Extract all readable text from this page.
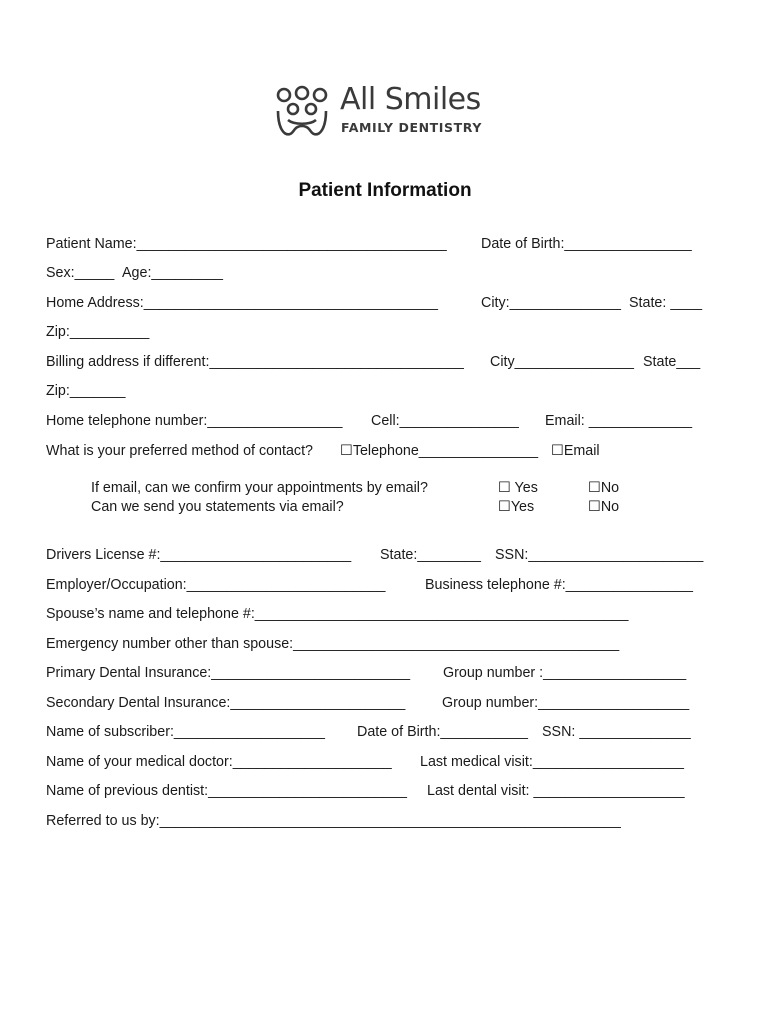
All Smiles
FAMILY DENTISTRY
Patient Information
Patient Name:_______________________________________ Date of Birth:________________
Sex:_____ Age:_________
Home Address:_____________________________________	City:______________ State: ____
Zip:__________
Billing address if different:________________________________ City_______________ State___
Zip:_______
Home telephone number:_________________ Cell:_______________ Email: _____________
What is your preferred method of contact? ☐Telephone_______________ ☐Email
If email, can we confirm your appointments by email?	☐ Yes	☐No
Can we send you statements via email?	☐Yes	☐No
Drivers License #:________________________ State:________ SSN:______________________
Employer/Occupation:_________________________	Business telephone #:________________
Spouse’s name and telephone #:_______________________________________________
Emergency number other than spouse:_________________________________________
Primary Dental Insurance:_________________________ Group number :__________________
Secondary Dental Insurance:______________________	Group number:___________________
Name of subscriber:___________________ Date of Birth:___________ SSN: ______________
Name of your medical doctor:____________________ Last medical visit:___________________
Name of previous dentist:_________________________ Last dental visit: ___________________
Referred to us by:__________________________________________________________
